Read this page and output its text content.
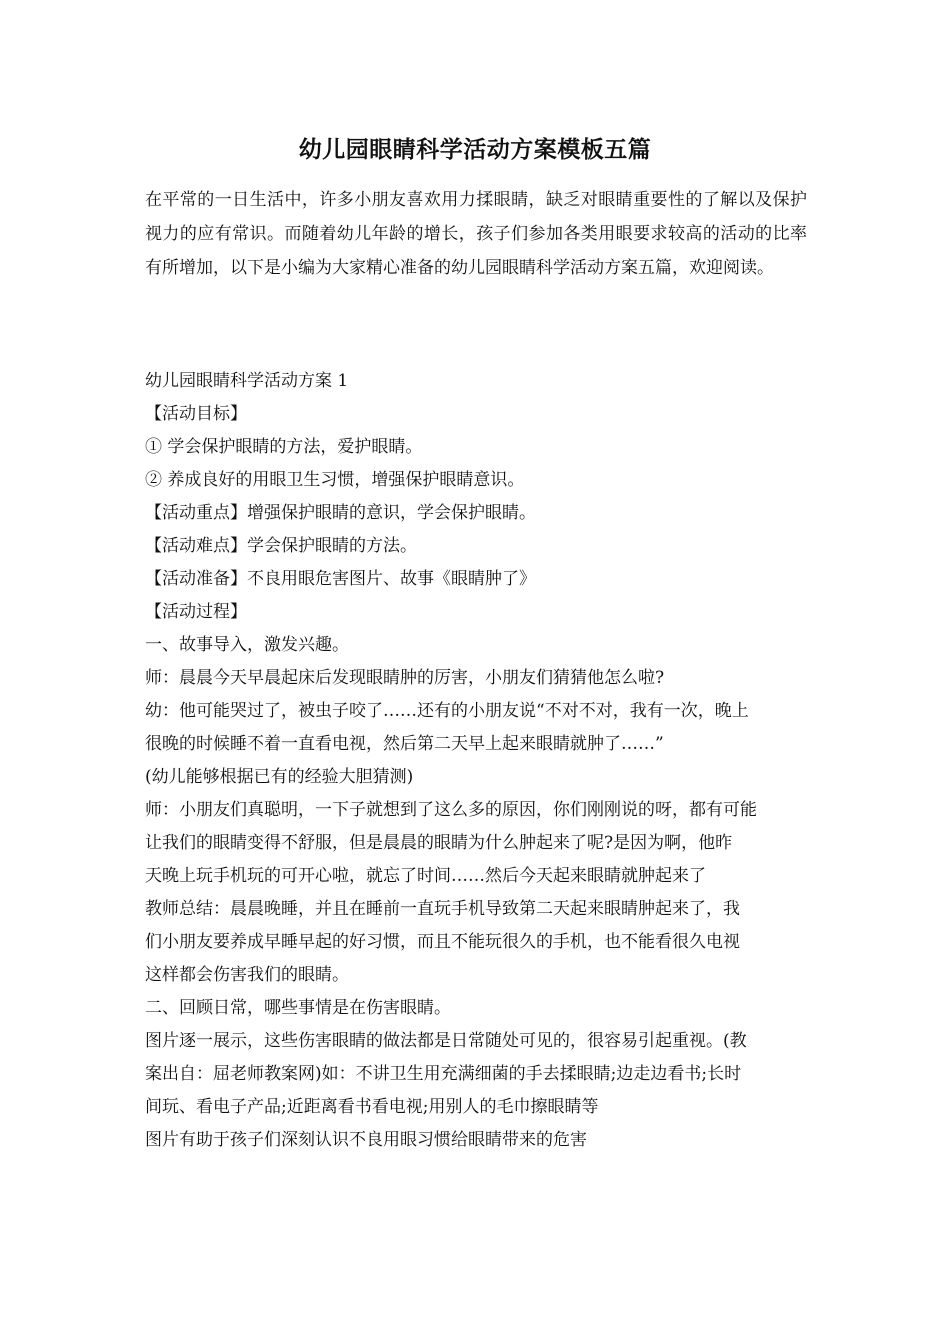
幼儿园眼睛科学活动方案模板五篇
在平常的一日生活中，许多小朋友喜欢用力揉眼睛，缺乏对眼睛重要性的了解以及保护视力的应有常识。而随着幼儿年龄的增长，孩子们参加各类用眼要求较高的活动的比率有所增加，以下是小编为大家精心准备的幼儿园眼睛科学活动方案五篇，欢迎阅读。
幼儿园眼睛科学活动方案 1
【活动目标】
① 学会保护眼睛的方法，爱护眼睛。
② 养成良好的用眼卫生习惯，增强保护眼睛意识。
【活动重点】增强保护眼睛的意识，学会保护眼睛。
【活动难点】学会保护眼睛的方法。
【活动准备】不良用眼危害图片、故事《眼睛肿了》
【活动过程】
一、故事导入，激发兴趣。
师：晨晨今天早晨起床后发现眼睛肿的厉害，小朋友们猜猜他怎么啦?
幼：他可能哭过了，被虫子咬了……还有的小朋友说“不对不对，我有一次，晚上
很晚的时候睡不着一直看电视，然后第二天早上起来眼睛就肿了……”
(幼儿能够根据已有的经验大胆猜测)
师：小朋友们真聪明，一下子就想到了这么多的原因，你们刚刚说的呀，都有可能
让我们的眼睛变得不舒服，但是晨晨的眼睛为什么肿起来了呢?是因为啊，他昨
天晚上玩手机玩的可开心啦，就忘了时间……然后今天起来眼睛就肿起来了
教师总结：晨晨晚睡，并且在睡前一直玩手机导致第二天起来眼睛肿起来了，我
们小朋友要养成早睡早起的好习惯，而且不能玩很久的手机，也不能看很久电视
这样都会伤害我们的眼睛。
二、回顾日常，哪些事情是在伤害眼睛。
图片逐一展示，这些伤害眼睛的做法都是日常随处可见的，很容易引起重视。(教
案出自：屈老师教案网)如：不讲卫生用充满细菌的手去揉眼睛;边走边看书;长时
间玩、看电子产品;近距离看书看电视;用别人的毛巾擦眼睛等
图片有助于孩子们深刻认识不良用眼习惯给眼睛带来的危害
